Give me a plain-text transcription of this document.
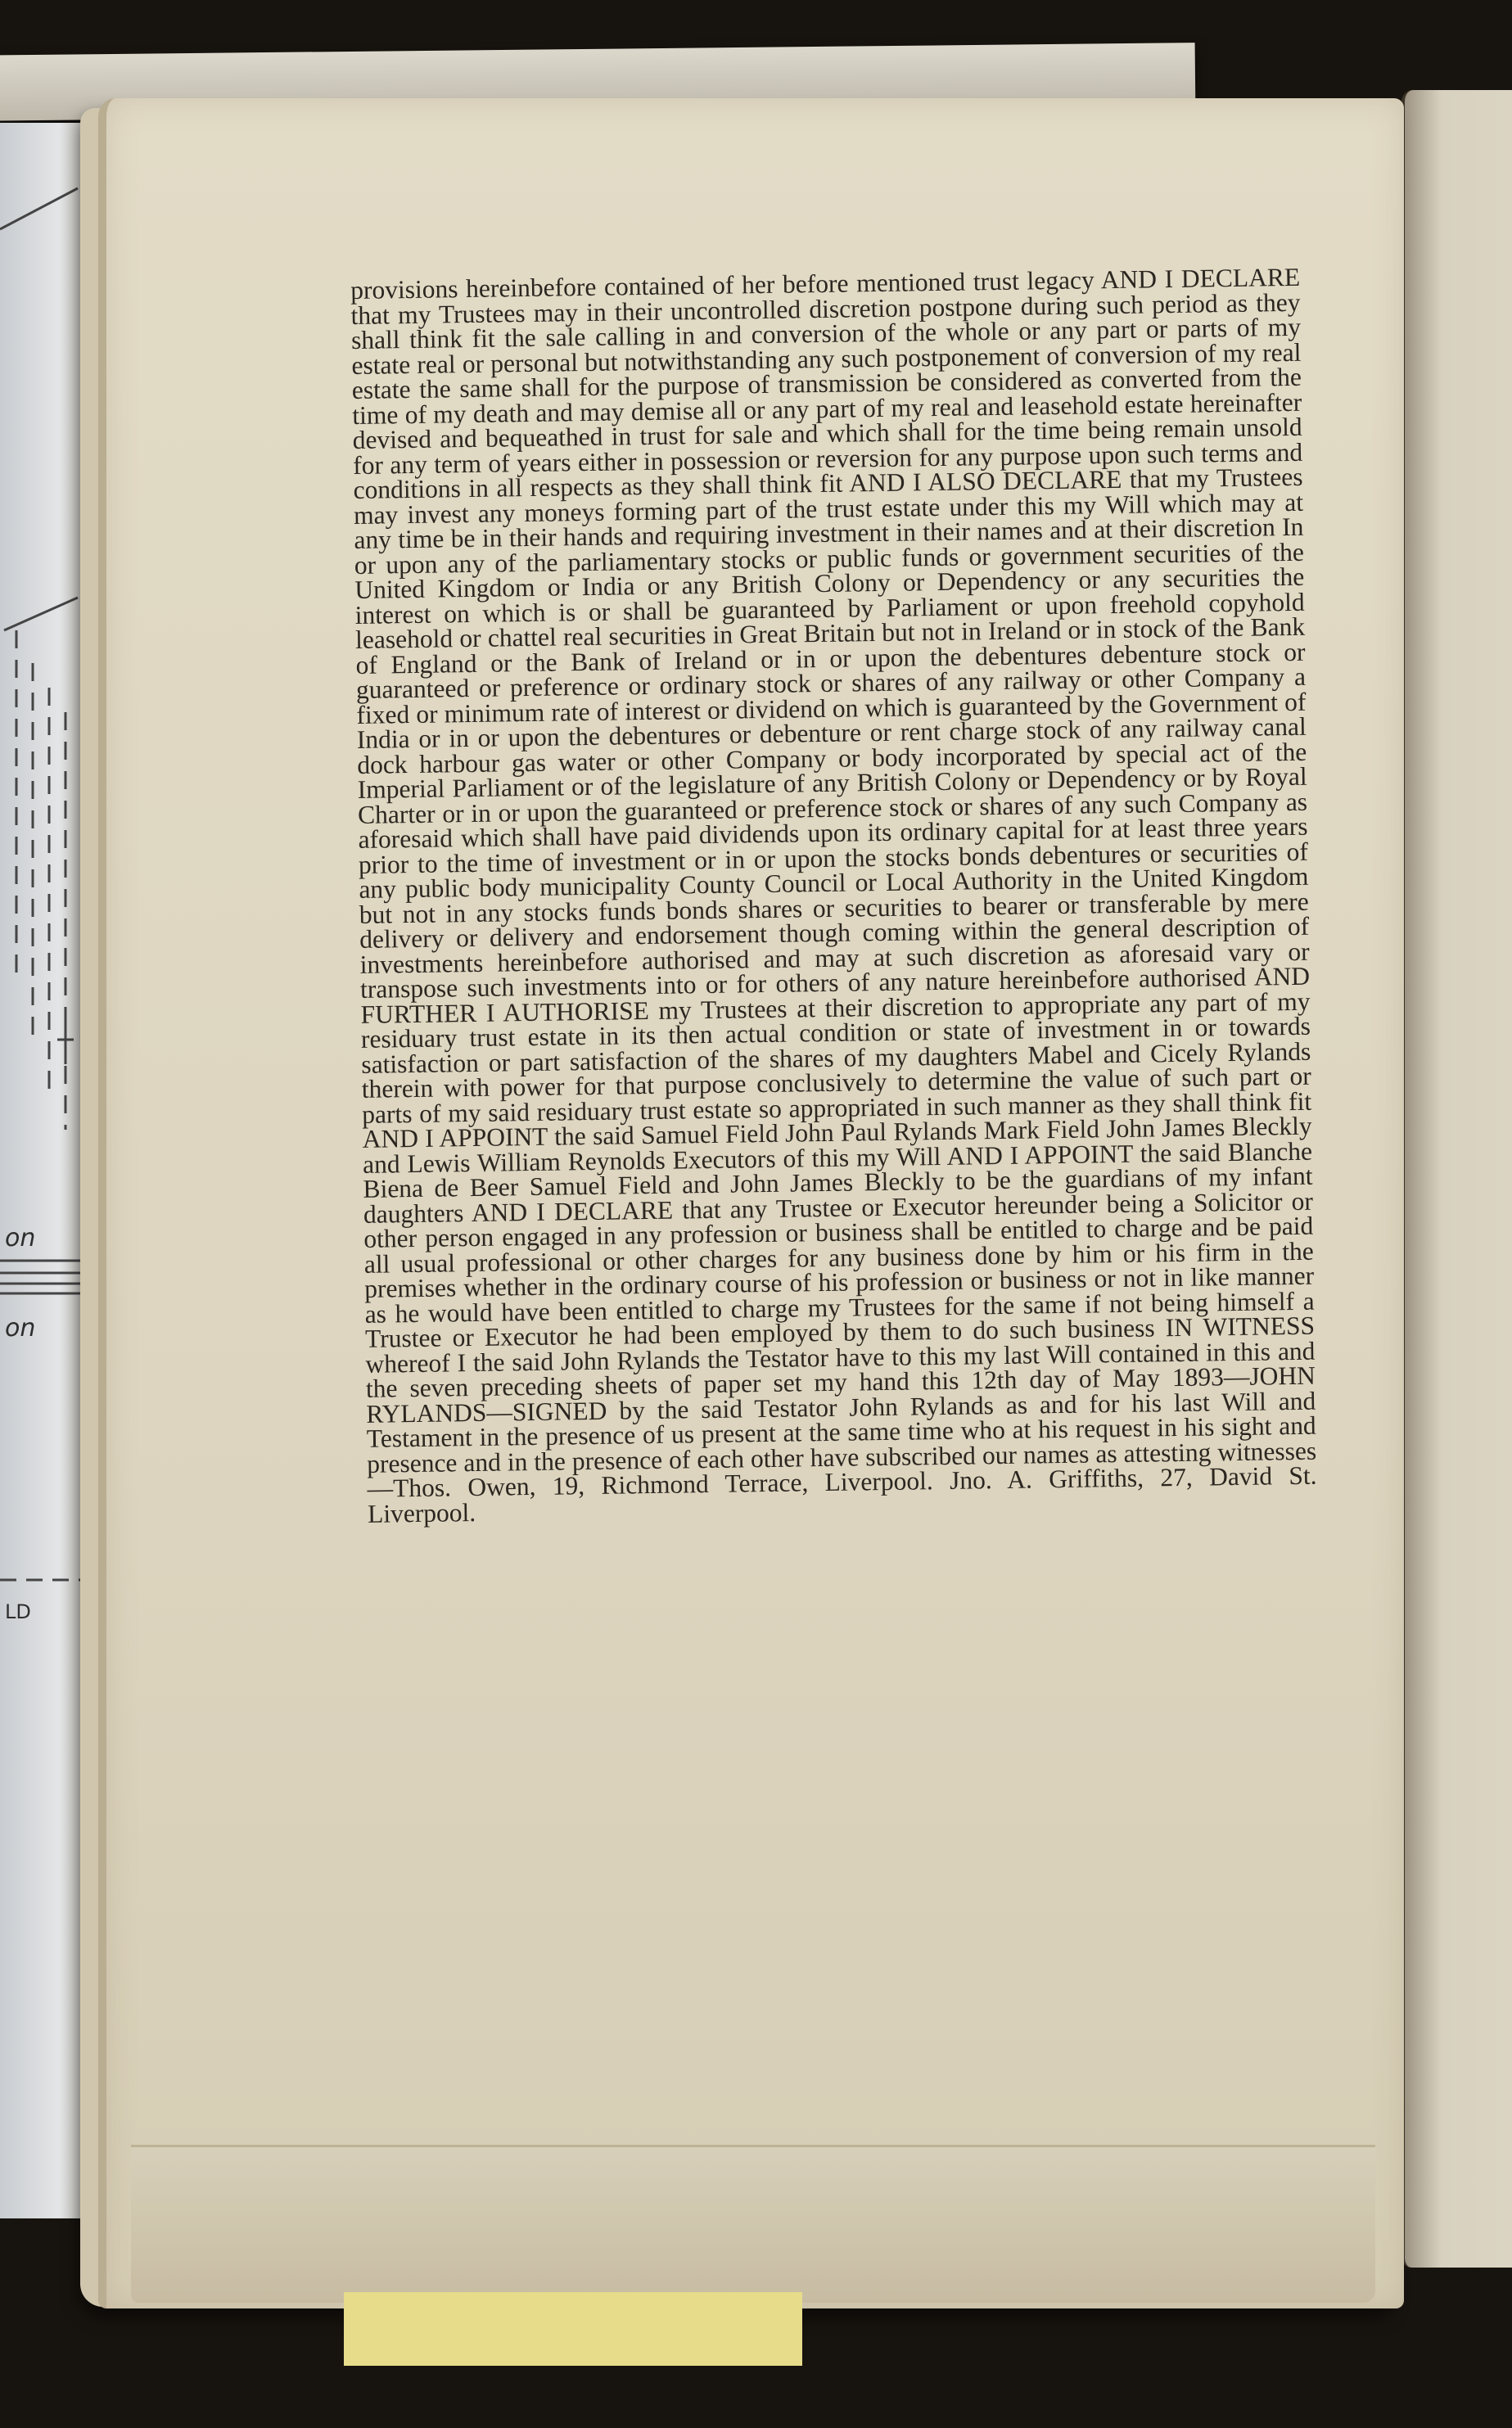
on
on
LD
provisions hereinbefore contained of her before mentioned trust legacy AND I DECLARE that my Trustees may in their uncontrolled discretion postpone during such period as they shall think fit the sale calling in and conversion of the whole or any part or parts of my estate real or personal but notwithstanding any such postponement of conversion of my real estate the same shall for the purpose of transmission be considered as converted from the time of my death and may demise all or any part of my real and leasehold estate hereinafter devised and bequeathed in trust for sale and which shall for the time being remain unsold for any term of years either in possession or reversion for any purpose upon such terms and conditions in all respects as they shall think fit AND I ALSO DECLARE that my Trustees may invest any moneys forming part of the trust estate under this my Will which may at any time be in their hands and requiring investment in their names and at their discretion In or upon any of the parliamentary stocks or public funds or government securities of the United Kingdom or India or any British Colony or Dependency or any securities the interest on which is or shall be guaranteed by Parliament or upon freehold copyhold leasehold or chattel real securities in Great Britain but not in Ireland or in stock of the Bank of England or the Bank of Ireland or in or upon the debentures debenture stock or guaranteed or preference or ordinary stock or shares of any railway or other Company a fixed or minimum rate of interest or dividend on which is guaranteed by the Government of India or in or upon the debentures or debenture or rent charge stock of any railway canal dock harbour gas water or other Company or body incorporated by special act of the Imperial Parliament or of the legislature of any British Colony or Dependency or by Royal Charter or in or upon the guaranteed or preference stock or shares of any such Company as aforesaid which shall have paid dividends upon its ordinary capital for at least three years prior to the time of investment or in or upon the stocks bonds debentures or securities of any public body municipality County Council or Local Authority in the United Kingdom but not in any stocks funds bonds shares or securities to bearer or transferable by mere delivery or delivery and endorsement though coming within the general description of investments hereinbefore authorised and may at such discretion as aforesaid vary or transpose such investments into or for others of any nature hereinbefore authorised AND FURTHER I AUTHORISE my Trustees at their discretion to appropriate any part of my residuary trust estate in its then actual condition or state of investment in or towards satisfaction or part satisfaction of the shares of my daughters Mabel and Cicely Rylands therein with power for that purpose conclusively to determine the value of such part or parts of my said residuary trust estate so appropriated in such manner as they shall think fit AND I APPOINT the said Samuel Field John Paul Rylands Mark Field John James Bleckly and Lewis William Reynolds Executors of this my Will AND I APPOINT the said Blanche Biena de Beer Samuel Field and John James Bleckly to be the guardians of my infant daughters AND I DECLARE that any Trustee or Executor hereunder being a Solicitor or other person engaged in any profession or business shall be entitled to charge and be paid all usual professional or other charges for any business done by him or his firm in the premises whether in the ordinary course of his profession or business or not in like manner as he would have been entitled to charge my Trustees for the same if not being himself a Trustee or Executor he had been employed by them to do such business IN WITNESS whereof I the said John Rylands the Testator have to this my last Will contained in this and the seven preceding sheets of paper set my hand this 12th day of May 1893—JOHN RYLANDS—SIGNED by the said Testator John Rylands as and for his last Will and Testament in the presence of us present at the same time who at his request in his sight and presence and in the presence of each other have subscribed our names as attesting witnesses—Thos. Owen, 19, Richmond Terrace, Liverpool. Jno. A. Griffiths, 27, David St. Liverpool.
